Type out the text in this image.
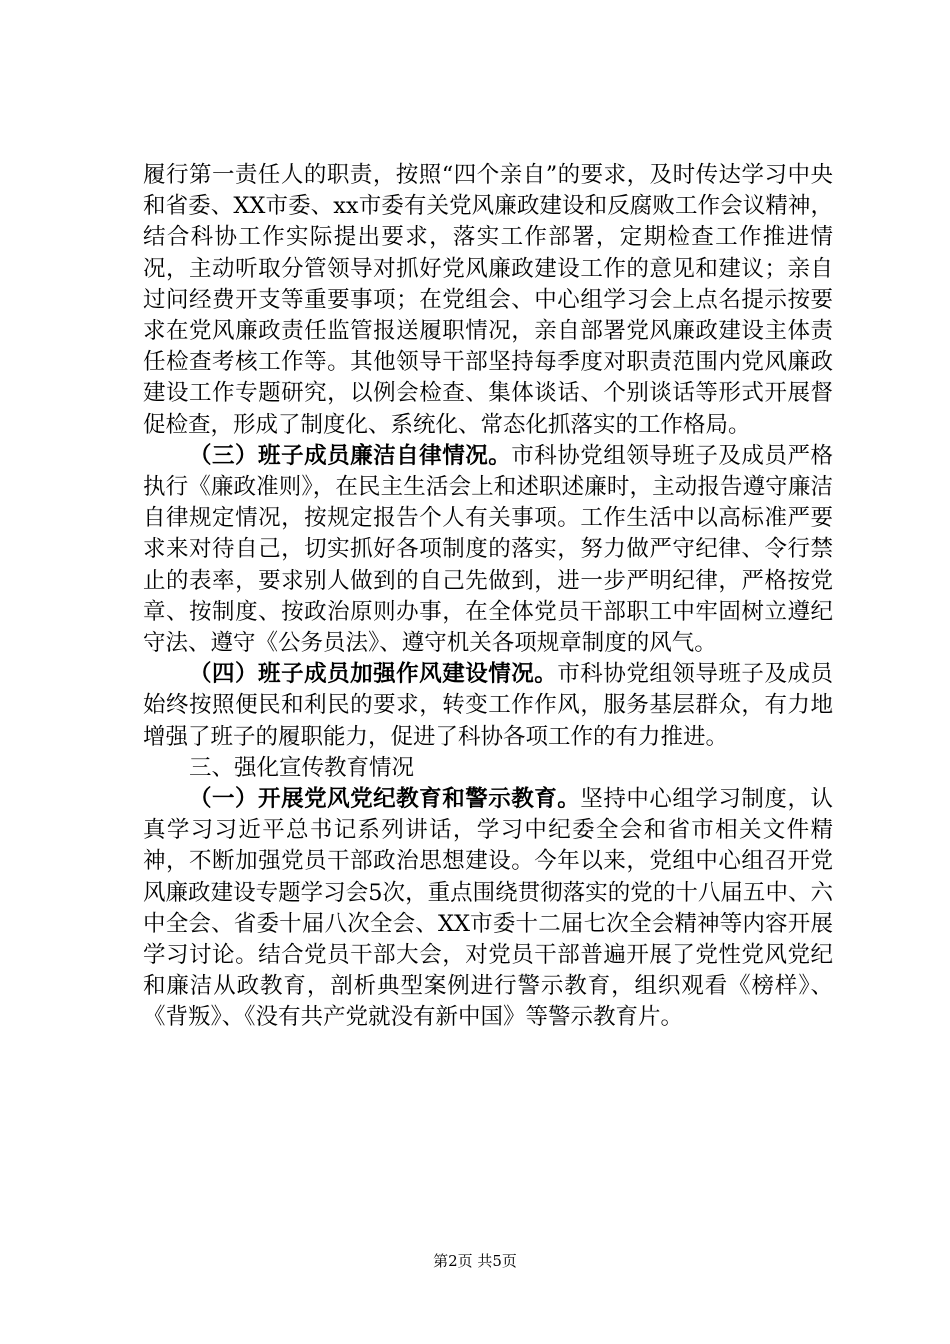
履行第一责任人的职责，按照“四个亲自”的要求，及时传达学习中央和省委、XX市委、xx市委有关党风廉政建设和反腐败工作会议精神，结合科协工作实际提出要求，落实工作部署，定期检查工作推进情况，主动听取分管领导对抓好党风廉政建设工作的意见和建议；亲自过问经费开支等重要事项；在党组会、中心组学习会上点名提示按要求在党风廉政责任监管报送履职情况，亲自部署党风廉政建设主体责任检查考核工作等。其他领导干部坚持每季度对职责范围内党风廉政建设工作专题研究，以例会检查、集体谈话、个别谈话等形式开展督促检查，形成了制度化、系统化、常态化抓落实的工作格局。

（三）班子成员廉洁自律情况。市科协党组领导班子及成员严格执行《廉政准则》，在民主生活会上和述职述廉时，主动报告遵守廉洁自律规定情况，按规定报告个人有关事项。工作生活中以高标准严要求来对待自己，切实抓好各项制度的落实，努力做严守纪律、令行禁止的表率，要求别人做到的自己先做到，进一步严明纪律，严格按党章、按制度、按政治原则办事，在全体党员干部职工中牢固树立遵纪守法、遵守《公务员法》、遵守机关各项规章制度的风气。

（四）班子成员加强作风建设情况。市科协党组领导班子及成员始终按照便民和利民的要求，转变工作作风，服务基层群众，有力地增强了班子的履职能力，促进了科协各项工作的有力推进。

三、强化宣传教育情况

（一）开展党风党纪教育和警示教育。坚持中心组学习制度，认真学习习近平总书记系列讲话，学习中纪委全会和省市相关文件精神，不断加强党员干部政治思想建设。今年以来，党组中心组召开党风廉政建设专题学习会5次，重点围绕贯彻落实的党的十八届五中、六中全会、省委十届八次全会、XX市委十二届七次全会精神等内容开展学习讨论。结合党员干部大会，对党员干部普遍开展了党性党风党纪和廉洁从政教育，剖析典型案例进行警示教育，组织观看《榜样》、《背叛》、《没有共产党就没有新中国》等警示教育片。

第2页 共5页
